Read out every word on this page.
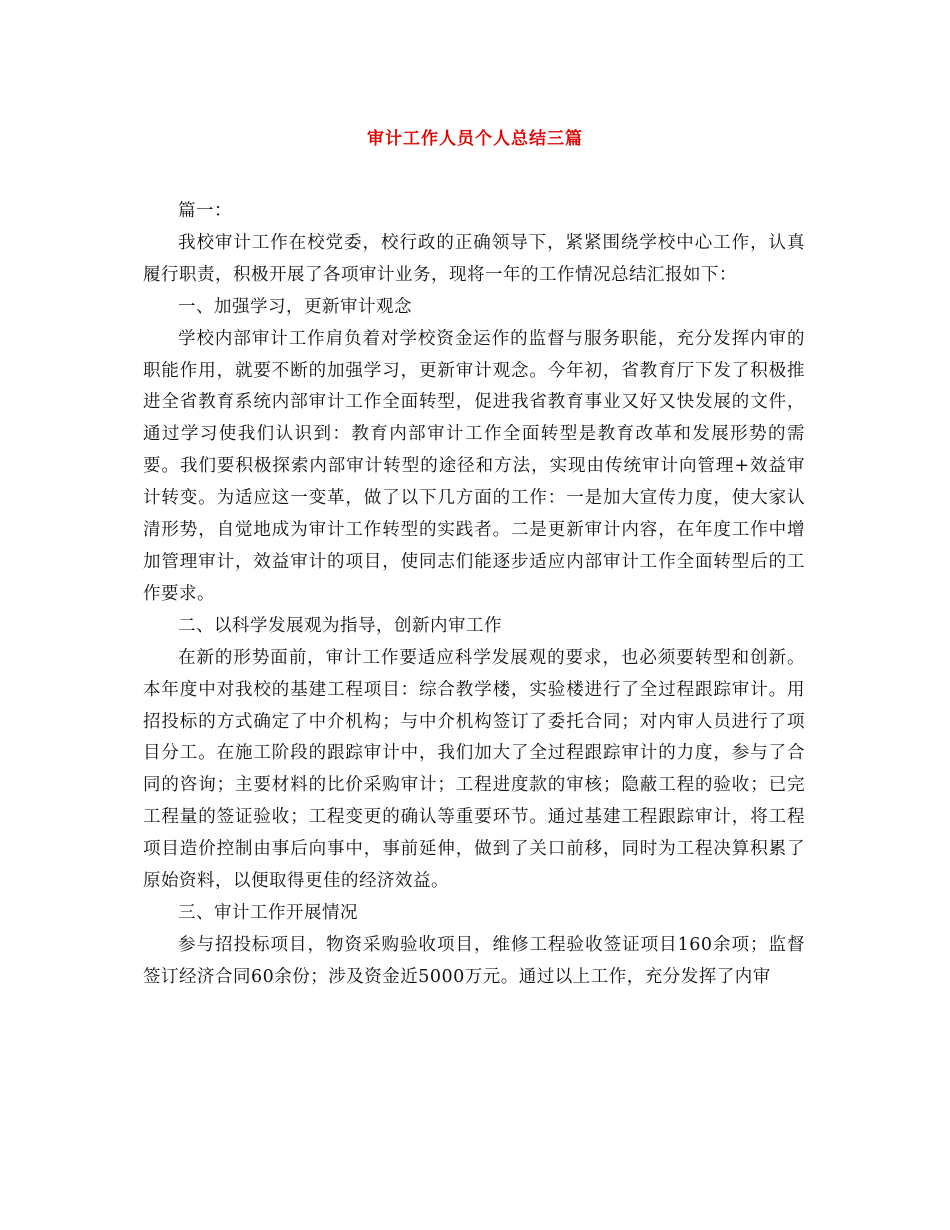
审计工作人员个人总结三篇

篇一：

我校审计工作在校党委，校行政的正确领导下，紧紧围绕学校中心工作，认真履行职责，积极开展了各项审计业务，现将一年的工作情况总结汇报如下：

一、加强学习，更新审计观念

学校内部审计工作肩负着对学校资金运作的监督与服务职能，充分发挥内审的职能作用，就要不断的加强学习，更新审计观念。今年初，省教育厅下发了积极推进全省教育系统内部审计工作全面转型，促进我省教育事业又好又快发展的文件，通过学习使我们认识到：教育内部审计工作全面转型是教育改革和发展形势的需要。我们要积极探索内部审计转型的途径和方法，实现由传统审计向管理+效益审计转变。为适应这一变革，做了以下几方面的工作：一是加大宣传力度，使大家认清形势，自觉地成为审计工作转型的实践者。二是更新审计内容，在年度工作中增加管理审计，效益审计的项目，使同志们能逐步适应内部审计工作全面转型后的工作要求。

二、以科学发展观为指导，创新内审工作

在新的形势面前，审计工作要适应科学发展观的要求，也必须要转型和创新。本年度中对我校的基建工程项目：综合教学楼，实验楼进行了全过程跟踪审计。用招投标的方式确定了中介机构；与中介机构签订了委托合同；对内审人员进行了项目分工。在施工阶段的跟踪审计中，我们加大了全过程跟踪审计的力度，参与了合同的咨询；主要材料的比价采购审计；工程进度款的审核；隐蔽工程的验收；已完工程量的签证验收；工程变更的确认等重要环节。通过基建工程跟踪审计，将工程项目造价控制由事后向事中，事前延伸，做到了关口前移，同时为工程决算积累了原始资料，以便取得更佳的经济效益。

三、审计工作开展情况

参与招投标项目，物资采购验收项目，维修工程验收签证项目160余项；监督签订经济合同60余份；涉及资金近5000万元。通过以上工作，充分发挥了内审
